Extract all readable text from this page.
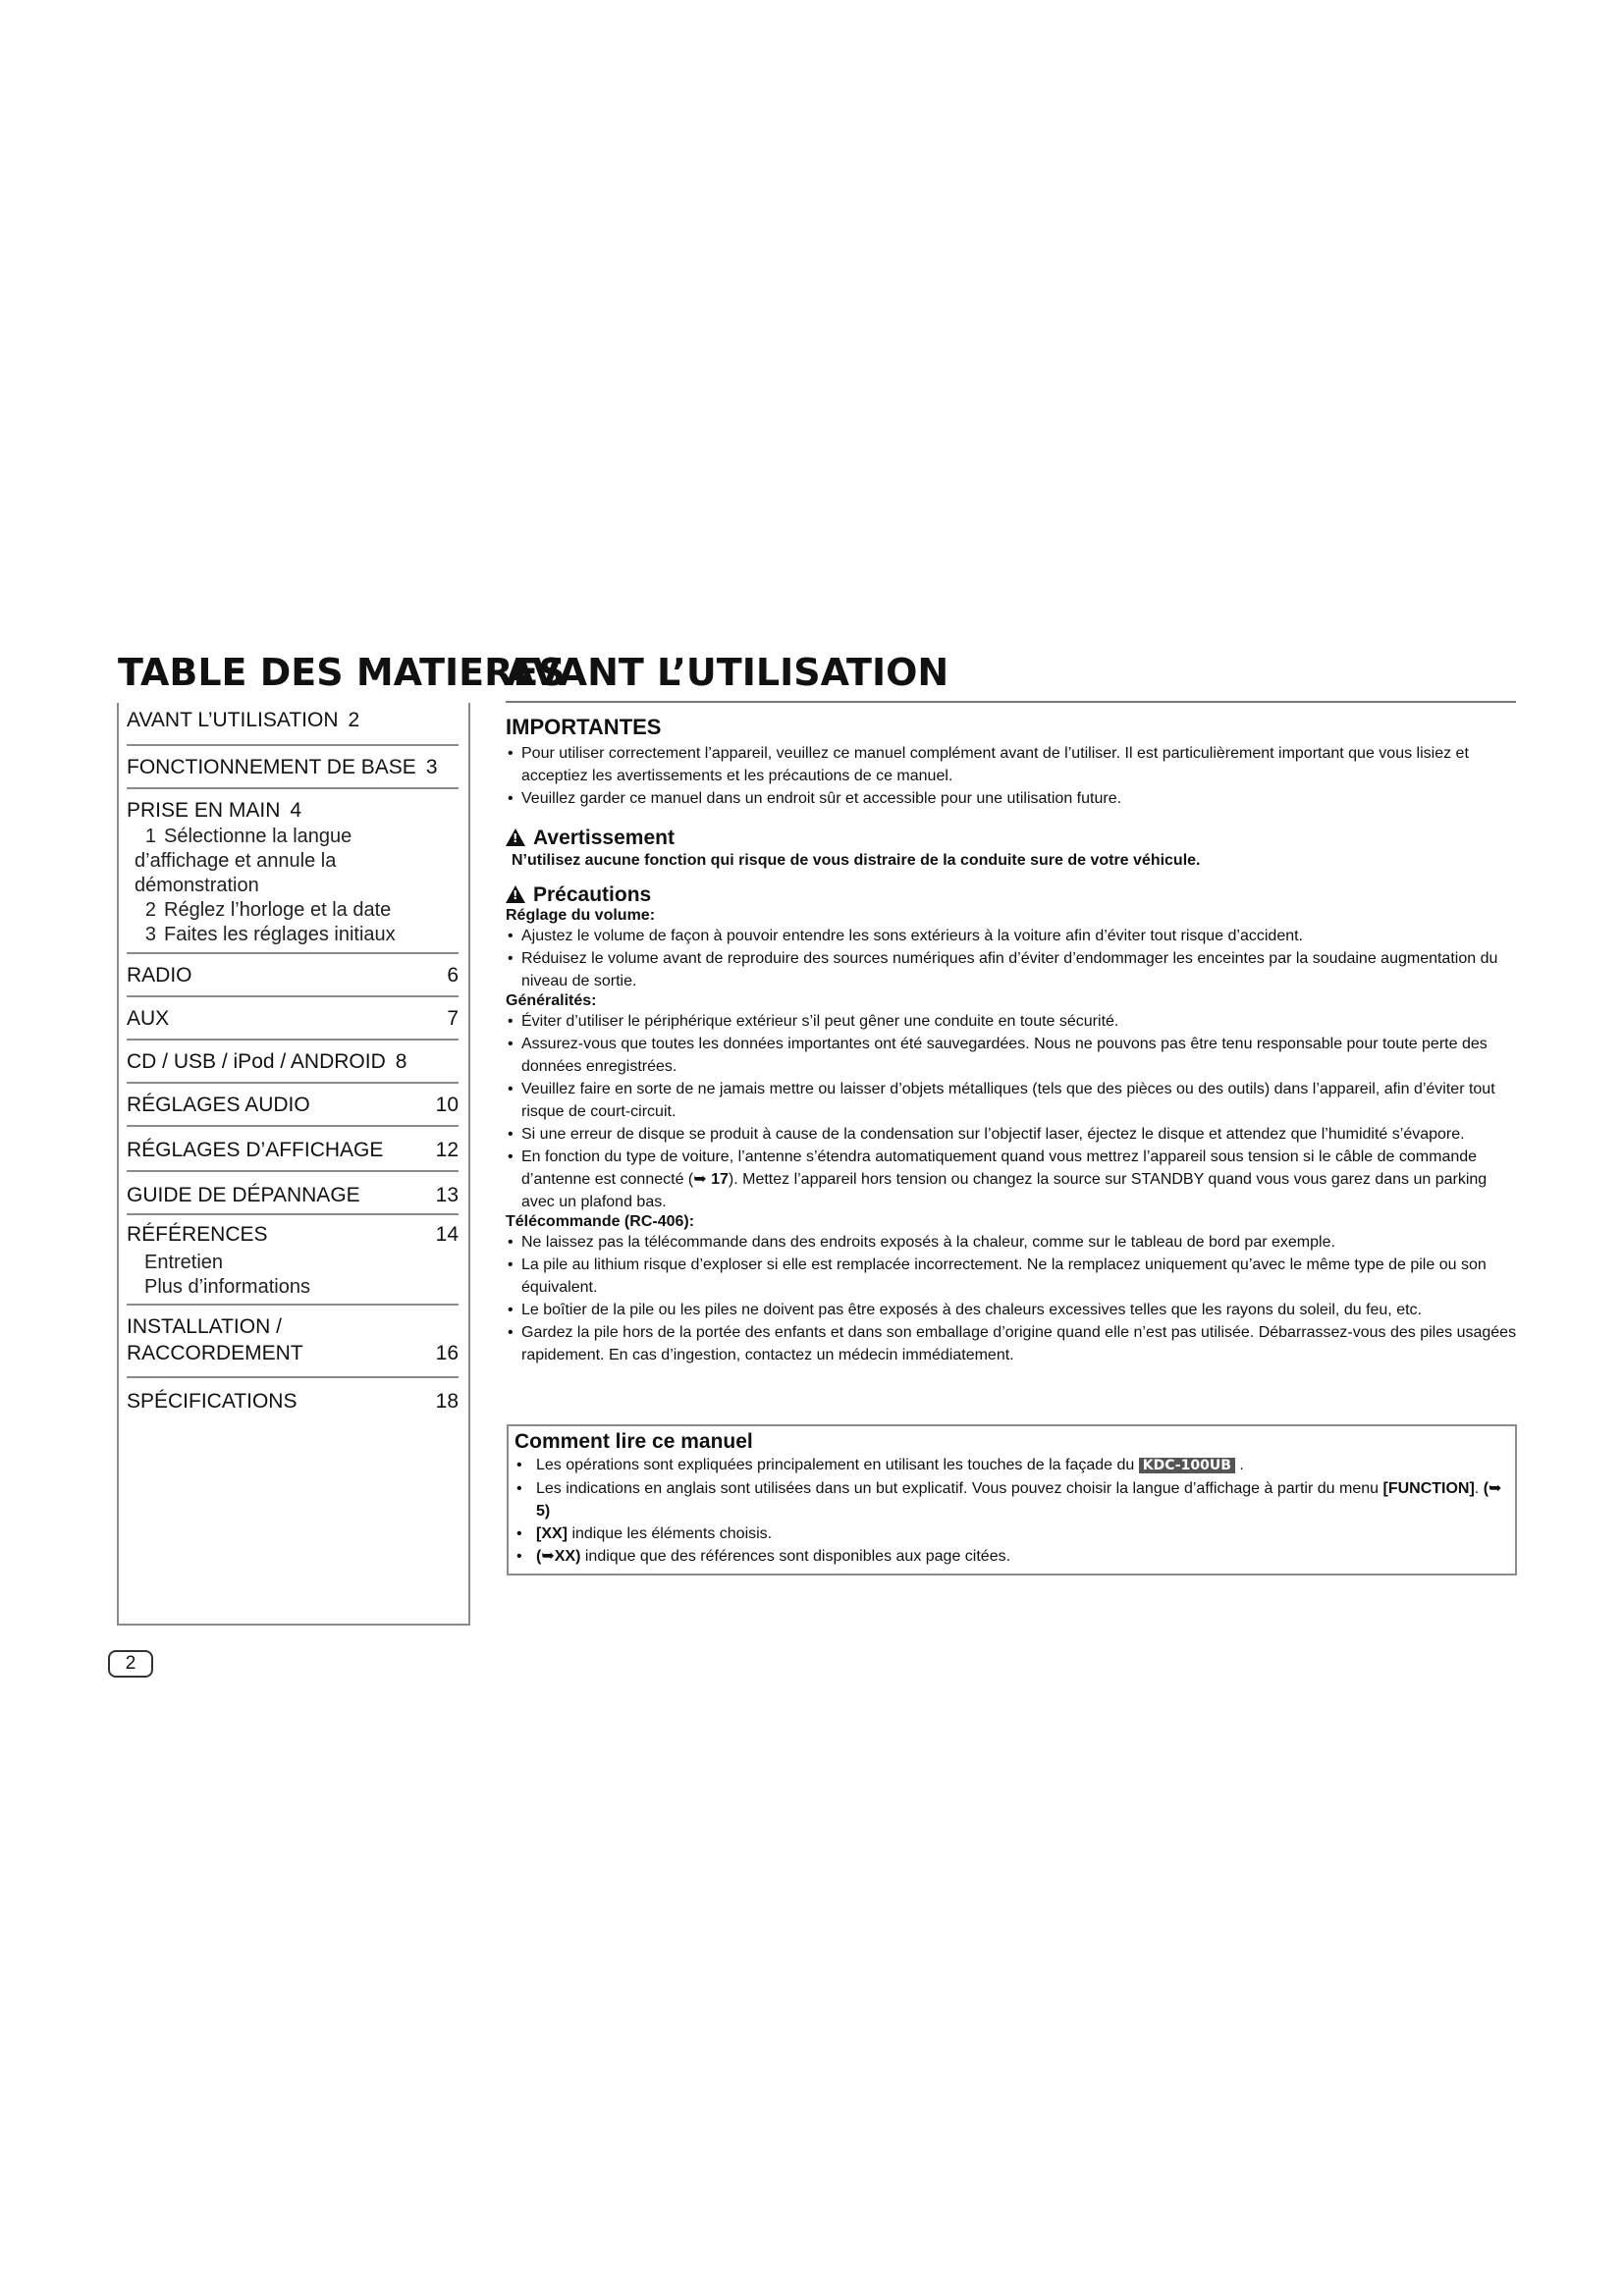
TABLE DES MATIERES
AVANT L’UTILISATION
AVANT L’UTILISATION 2
FONCTIONNEMENT DE BASE 3
PRISE EN MAIN 4
1 Sélectionne la langue
d’affichage et annule la
démonstration
2 Réglez l’horloge et la date
3 Faites les réglages initiaux
RADIO	6
AUX	7
CD / USB / iPod / ANDROID 8
RÉGLAGES AUDIO	10
RÉGLAGES D’AFFICHAGE	12
GUIDE DE DÉPANNAGE	13
RÉFÉRENCES	14
Entretien
Plus d’informations
INSTALLATION /
RACCORDEMENT	16
SPÉCIFICATIONS	18
2
IMPORTANTES
• Pour utiliser correctement l’appareil, veuillez ce manuel complément avant de l’utiliser. Il est particulièrement important que vous lisiez et acceptiez les avertissements et les précautions de ce manuel.
• Veuillez garder ce manuel dans un endroit sûr et accessible pour une utilisation future.
!Avertissement
N’utilisez aucune fonction qui risque de vous distraire de la conduite sure de votre véhicule.
!Précautions
Réglage du volume:
• Ajustez le volume de façon à pouvoir entendre les sons extérieurs à la voiture afin d’éviter tout risque d’accident.
• Réduisez le volume avant de reproduire des sources numériques afin d’éviter d’endommager les enceintes par la soudaine augmentation du niveau de sortie.
Généralités:
• Éviter d’utiliser le périphérique extérieur s’il peut gêner une conduite en toute sécurité.
• Assurez-vous que toutes les données importantes ont été sauvegardées. Nous ne pouvons pas être tenu responsable pour toute perte des données enregistrées.
• Veuillez faire en sorte de ne jamais mettre ou laisser d’objets métalliques (tels que des pièces ou des outils) dans l’appareil, afin d’éviter tout risque de court-circuit.
• Si une erreur de disque se produit à cause de la condensation sur l’objectif laser, éjectez le disque et attendez que l’humidité s’évapore.
• En fonction du type de voiture, l’antenne s’étendra automatiquement quand vous mettrez l’appareil sous tension si le câble de commande d’antenne est connecté (➥ 17). Mettez l’appareil hors tension ou changez la source sur STANDBY quand vous vous garez dans un parking avec un plafond bas.
Télécommande (RC-406):
• Ne laissez pas la télécommande dans des endroits exposés à la chaleur, comme sur le tableau de bord par exemple.
• La pile au lithium risque d’exploser si elle est remplacée incorrectement. Ne la remplacez uniquement qu’avec le même type de pile ou son équivalent.
• Le boîtier de la pile ou les piles ne doivent pas être exposés à des chaleurs excessives telles que les rayons du soleil, du feu, etc.
• Gardez la pile hors de la portée des enfants et dans son emballage d’origine quand elle n’est pas utilisée. Débarrassez-vous des piles usagées rapidement. En cas d’ingestion, contactez un médecin immédiatement.
Comment lire ce manuel
• Les opérations sont expliquées principalement en utilisant les touches de la façade du KDC-100UB .
• Les indications en anglais sont utilisées dans un but explicatif. Vous pouvez choisir la langue d’affichage à partir du menu [FUNCTION]. (➥ 5)
• [XX] indique les éléments choisis.
• (➥XX) indique que des références sont disponibles aux page citées.
